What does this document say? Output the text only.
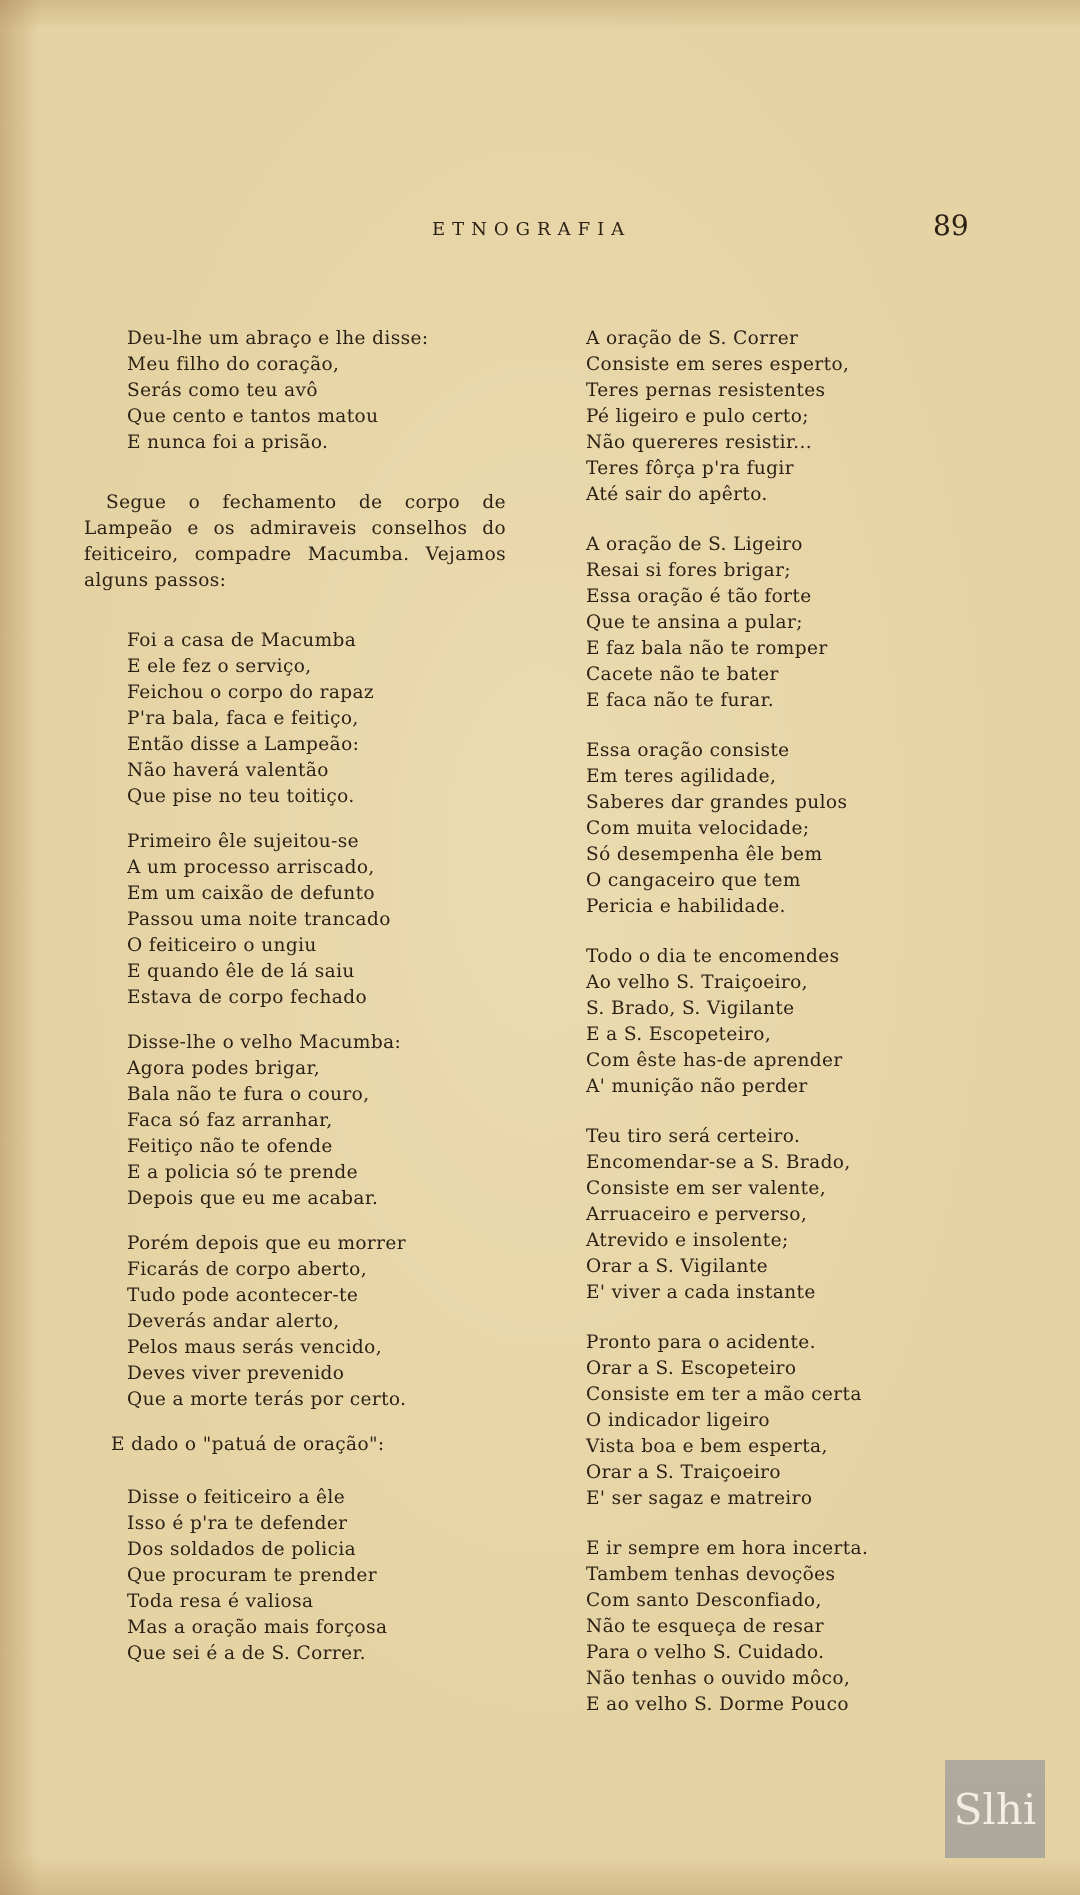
ETNOGRAFIA	89
Deu-lhe um abraço e lhe disse:
Meu filho do coração,
Serás como teu avô
Que cento e tantos matou
E nunca foi a prisão.

Segue o fechamento de corpo de Lampeão e os admiraveis conselhos do feiticeiro, compadre Macumba. Vejamos alguns passos:

Foi a casa de Macumba
E ele fez o serviço,
Feichou o corpo do rapaz
P'ra bala, faca e feitiço,
Então disse a Lampeão:
Não haverá valentão
Que pise no teu toitiço.
Primeiro êle sujeitou-se
A um processo arriscado,
Em um caixão de defunto
Passou uma noite trancado
O feiticeiro o ungiu
E quando êle de lá saiu
Estava de corpo fechado
Disse-lhe o velho Macumba:
Agora podes brigar,
Bala não te fura o couro,
Faca só faz arranhar,
Feitiço não te ofende
E a policia só te prende
Depois que eu me acabar.
Porém depois que eu morrer
Ficarás de corpo aberto,
Tudo pode acontecer-te
Deverás andar alerto,
Pelos maus serás vencido,
Deves viver prevenido
Que a morte terás por certo.
E dado o "patuá de oração":
Disse o feiticeiro a êle
Isso é p'ra te defender
Dos soldados de policia
Que procuram te prender
Toda resa é valiosa
Mas a oração mais forçosa
Que sei é a de S. Correr.
A oração de S. Correr
Consiste em seres esperto,
Teres pernas resistentes
Pé ligeiro e pulo certo;
Não quereres resistir...
Teres fôrça p'ra fugir
Até sair do apêrto.
A oração de S. Ligeiro
Resai si fores brigar;
Essa oração é tão forte
Que te ansina a pular;
E faz bala não te romper
Cacete não te bater
E faca não te furar.
Essa oração consiste
Em teres agilidade,
Saberes dar grandes pulos
Com muita velocidade;
Só desempenha êle bem
O cangaceiro que tem
Pericia e habilidade.
Todo o dia te encomendes
Ao velho S. Traiçoeiro,
S. Brado, S. Vigilante
E a S. Escopeteiro,
Com êste has-de aprender
A' munição não perder
Teu tiro será certeiro.
Encomendar-se a S. Brado,
Consiste em ser valente,
Arruaceiro e perverso,
Atrevido e insolente;
Orar a S. Vigilante
E' viver a cada instante
Pronto para o acidente.
Orar a S. Escopeteiro
Consiste em ter a mão certa
O indicador ligeiro
Vista boa e bem esperta,
Orar a S. Traiçoeiro
E' ser sagaz e matreiro
E ir sempre em hora incerta.
Tambem tenhas devoções
Com santo Desconfiado,
Não te esqueça de resar
Para o velho S. Cuidado.
Não tenhas o ouvido môco,
E ao velho S. Dorme Pouco
Slhi
